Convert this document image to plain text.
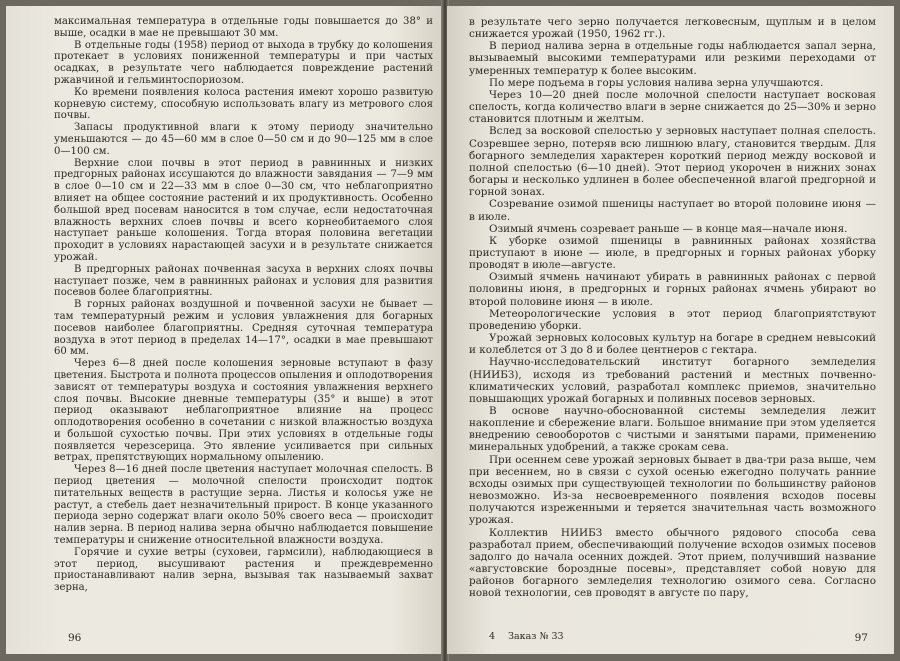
максимальная температура в отдельные годы повышается до 38° и выше, осадки в мае не превышают 30 мм.

В отдельные годы (1958) период от выхода в трубку до колошения протекает в условиях пониженной температуры и при частых осадках, в результате чего наблюдается повреждение растений ржавчиной и гельминтоспориозом.

Ко времени появления колоса растения имеют хорошо развитую корневую систему, способную использовать влагу из метрового слоя почвы.

Запасы продуктивной влаги к этому периоду значительно уменьшаются — до 45—60 мм в слое 0—50 см и до 90—125 мм в слое 0—100 см.

Верхние слои почвы в этот период в равнинных и низких предгорных районах иссушаются до влажности завядания — 7—9 мм в слое 0—10 см и 22—33 мм в слое 0—30 см, что неблагоприятно влияет на общее состояние растений и их продуктивность. Особенно большой вред посевам наносится в том случае, если недостаточная влажность верхних слоев почвы и всего корнеобитаемого слоя наступает раньше колошения. Тогда вторая половина вегетации проходит в условиях нарастающей засухи и в результате снижается урожай.

В предгорных районах почвенная засуха в верхних слоях почвы наступает позже, чем в равнинных районах и условия для развития посевов более благоприятны.

В горных районах воздушной и почвенной засухи не бывает — там температурный режим и условия увлажнения для богарных посевов наиболее благоприятны. Средняя суточная температура воздуха в этот период в пределах 14—17°, осадки в мае превышают 60 мм.

Через 6—8 дней после колошения зерновые вступают в фазу цветения. Быстрота и полнота процессов опыления и оплодотворения зависят от температуры воздуха и состояния увлажнения верхнего слоя почвы. Высокие дневные температуры (35° и выше) в этот период оказывают неблагоприятное влияние на процесс оплодотворения особенно в сочетании с низкой влажностью воздуха и большой сухостью почвы. При этих условиях в отдельные годы появляется черезсерица. Это явление усиливается при сильных ветрах, препятствующих нормальному опылению.

Через 8—16 дней после цветения наступает молочная спелость. В период цветения — молочной спелости происходит подток питательных веществ в растущие зерна. Листья и колосья уже не растут, а стебель дает незначительный прирост. В конце указанного периода зерно содержат влаги около 50% своего веса — происходит налив зерна. В период налива зерна обычно наблюдается повышение температуры и снижение относительной влажности воздуха.

Горячие и сухие ветры (суховеи, гармсили), наблюдающиеся в этот период, высушивают растения и преждевременно приостанавливают налив зерна, вызывая так называемый захват зерна,

96

в результате чего зерно получается легковесным, щуплым и в целом снижается урожай (1950, 1962 гг.).

В период налива зерна в отдельные годы наблюдается запал зерна, вызываемый высокими температурами или резкими переходами от умеренных температур к более высоким.

По мере подъема в горы условия налива зерна улучшаются.

Через 10—20 дней после молочной спелости наступает восковая спелость, когда количество влаги в зерне снижается до 25—30% и зерно становится плотным и желтым.

Вслед за восковой спелостью у зерновых наступает полная спелость. Созревшее зерно, потеряв всю лишнюю влагу, становится твердым. Для богарного земледелия характерен короткий период между восковой и полной спелостью (6—10 дней). Этот период укорочен в нижних зонах богары и несколько удлинен в более обеспеченной влагой предгорной и горной зонах.

Созревание озимой пшеницы наступает во второй половине июня — в июле.

Озимый ячмень созревает раньше — в конце мая—начале июня.

К уборке озимой пшеницы в равнинных районах хозяйства приступают в июне — июле, в предгорных и горных районах уборку проводят в июле—августе.

Озимый ячмень начинают убирать в равнинных районах с первой половины июня, в предгорных и горных районах ячмень убирают во второй половине июня — в июле.

Метеорологические условия в этот период благоприятствуют проведению уборки.

Урожай зерновых колосовых культур на богаре в среднем невысокий и колеблется от 3 до 8 и более центнеров с гектара.

Научно-исследовательский институт богарного земледелия (НИИБЗ), исходя из требований растений и местных почвенно-климатических условий, разработал комплекс приемов, значительно повышающих урожай богарных и поливных посевов зерновых.

В основе научно-обоснованной системы земледелия лежит накопление и сбережение влаги. Большое внимание при этом уделяется внедрению севооборотов с чистыми и занятыми парами, применению минеральных удобрений, а также срокам сева.

При осеннем севе урожай зерновых бывает в два-три раза выше, чем при весеннем, но в связи с сухой осенью ежегодно получать ранние всходы озимых при существующей технологии по большинству районов невозможно. Из-за несвоевременного появления всходов посевы получаются изреженными и теряется значительная часть возможного урожая.

Коллектив НИИБЗ вместо обычного рядового способа сева разработал прием, обеспечивающий получение всходов озимых посевов задолго до начала осенних дождей. Этот прием, получивший название «августовские бороздные посевы», представляет собой новую для районов богарного земледелия технологию озимого сева. Согласно новой технологии, сев проводят в августе по пару,

4 Заказ № 33	97
